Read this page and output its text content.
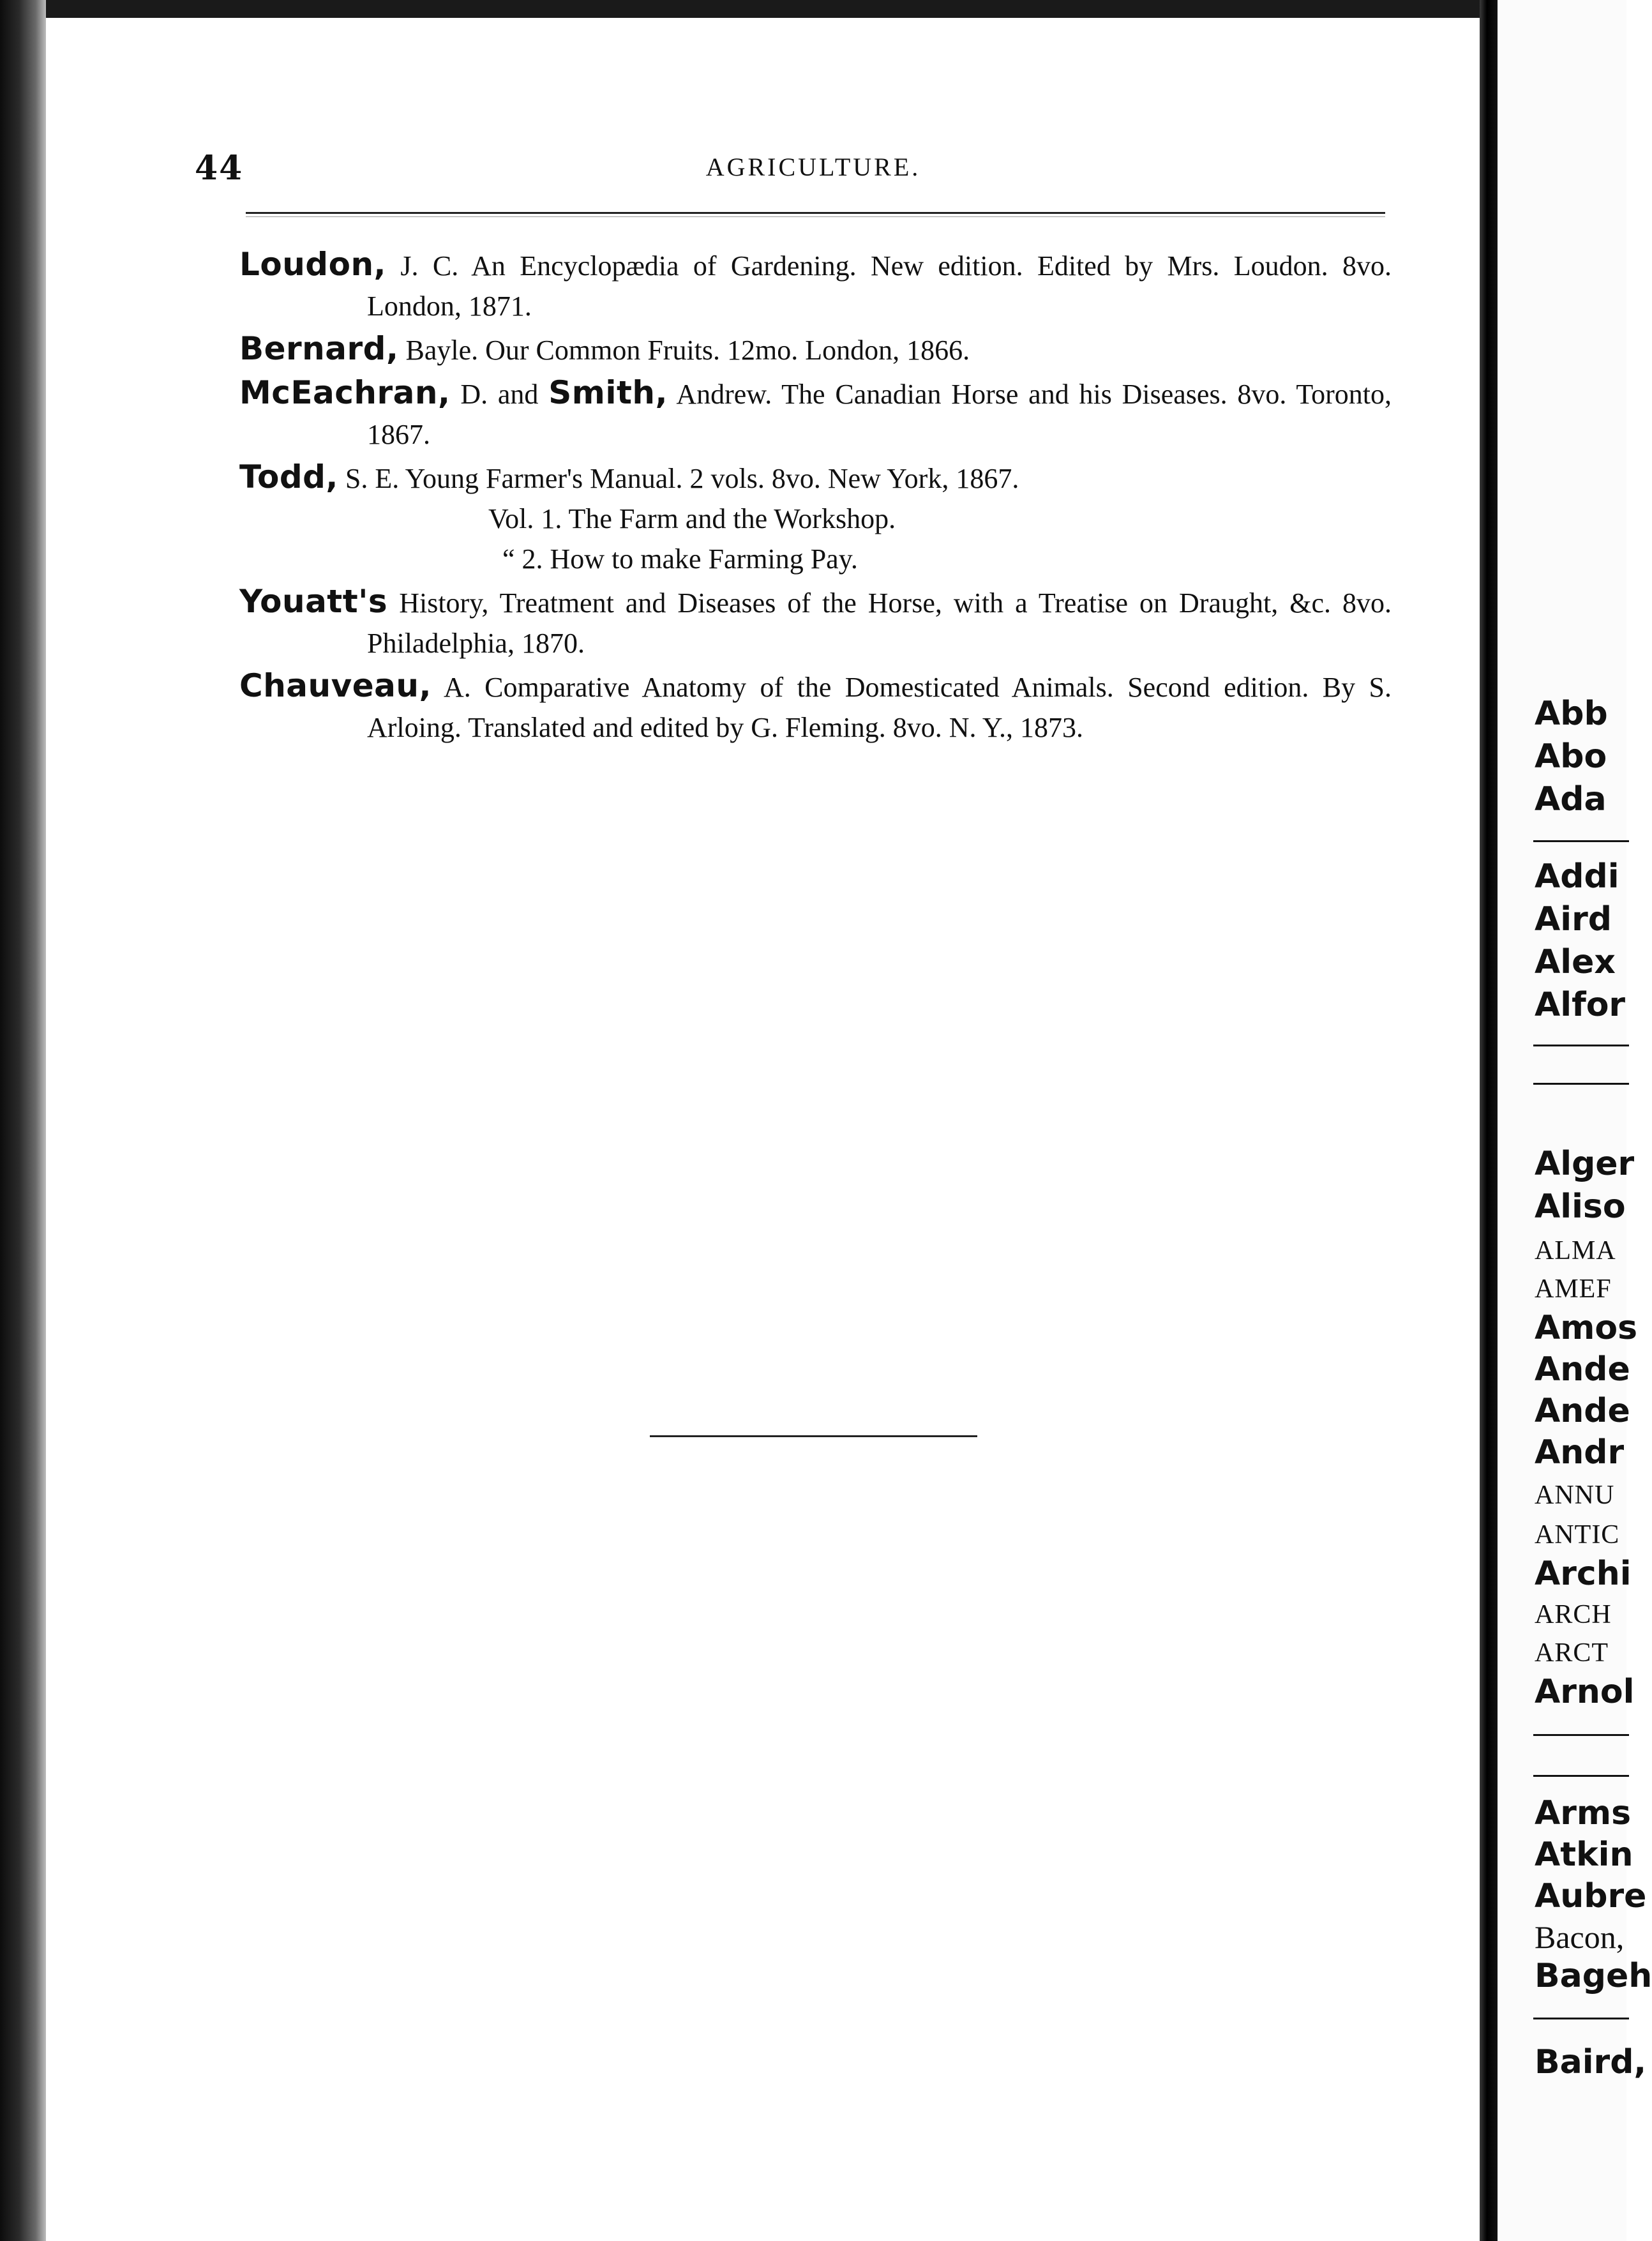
44	AGRICULTURE.

Loudon, J. C. An Encyclopædia of Gardening. New edition. Edited by Mrs. Loudon. 8vo. London, 1871.

Bernard, Bayle. Our Common Fruits. 12mo. London, 1866.

McEachran, D. and Smith, Andrew. The Canadian Horse and his Diseases. 8vo. Toronto, 1867.

Todd, S. E. Young Farmer's Manual. 2 vols. 8vo. New York, 1867.

Vol. 1. The Farm and the Workshop.
“ 2. How to make Farming Pay.

Youatt's History, Treatment and Diseases of the Horse, with a Treatise on Draught, &c. 8vo. Philadelphia, 1870.

Chauveau, A. Comparative Anatomy of the Domesticated Animals. Second edition. By S. Arloing. Translated and edited by G. Fleming. 8vo. N. Y., 1873.	Abb
Abo
Ada
Addi
Aird
Alex
Alfor
Alger
Aliso
ALMA
AMEF
Amos
Ande
Ande
Andr
ANNU
ANTIC
Archi
ARCH
ARCT
Arnol
Arms
Atkin
Aubre
Bacon,
Bageh
Baird,
